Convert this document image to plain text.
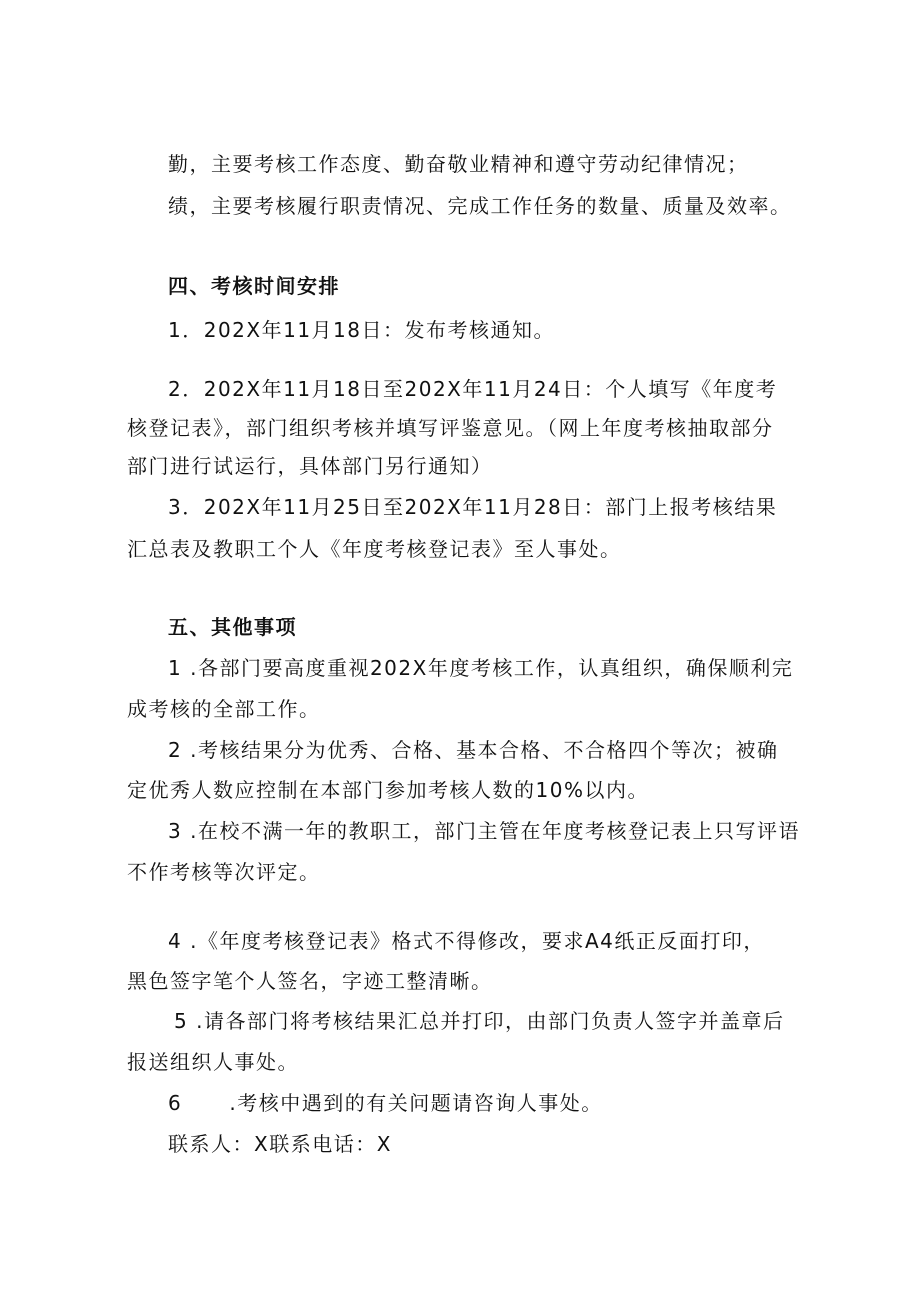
勤，主要考核工作态度、勤奋敬业精神和遵守劳动纪律情况；
绩，主要考核履行职责情况、完成工作任务的数量、质量及效率。
四、考核时间安排
1．202X年11月18日：发布考核通知。
2．202X年11月18日至202X年11月24日：个人填写《年度考
核登记表》，部门组织考核并填写评鉴意见。（网上年度考核抽取部分
部门进行试运行，具体部门另行通知）
3．202X年11月25日至202X年11月28日：部门上报考核结果
汇总表及教职工个人《年度考核登记表》至人事处。
五、其他事项
1 .各部门要高度重视202X年度考核工作，认真组织，确保顺利完
成考核的全部工作。
2 .考核结果分为优秀、合格、基本合格、不合格四个等次；被确
定优秀人数应控制在本部门参加考核人数的10%以内。
3 .在校不满一年的教职工，部门主管在年度考核登记表上只写评语
不作考核等次评定。
4 .《年度考核登记表》格式不得修改，要求A4纸正反面打印，
黑色签字笔个人签名，字迹工整清晰。
5 .请各部门将考核结果汇总并打印，由部门负责人签字并盖章后
报送组织人事处。
6      .考核中遇到的有关问题请咨询人事处。
联系人：X联系电话：X
